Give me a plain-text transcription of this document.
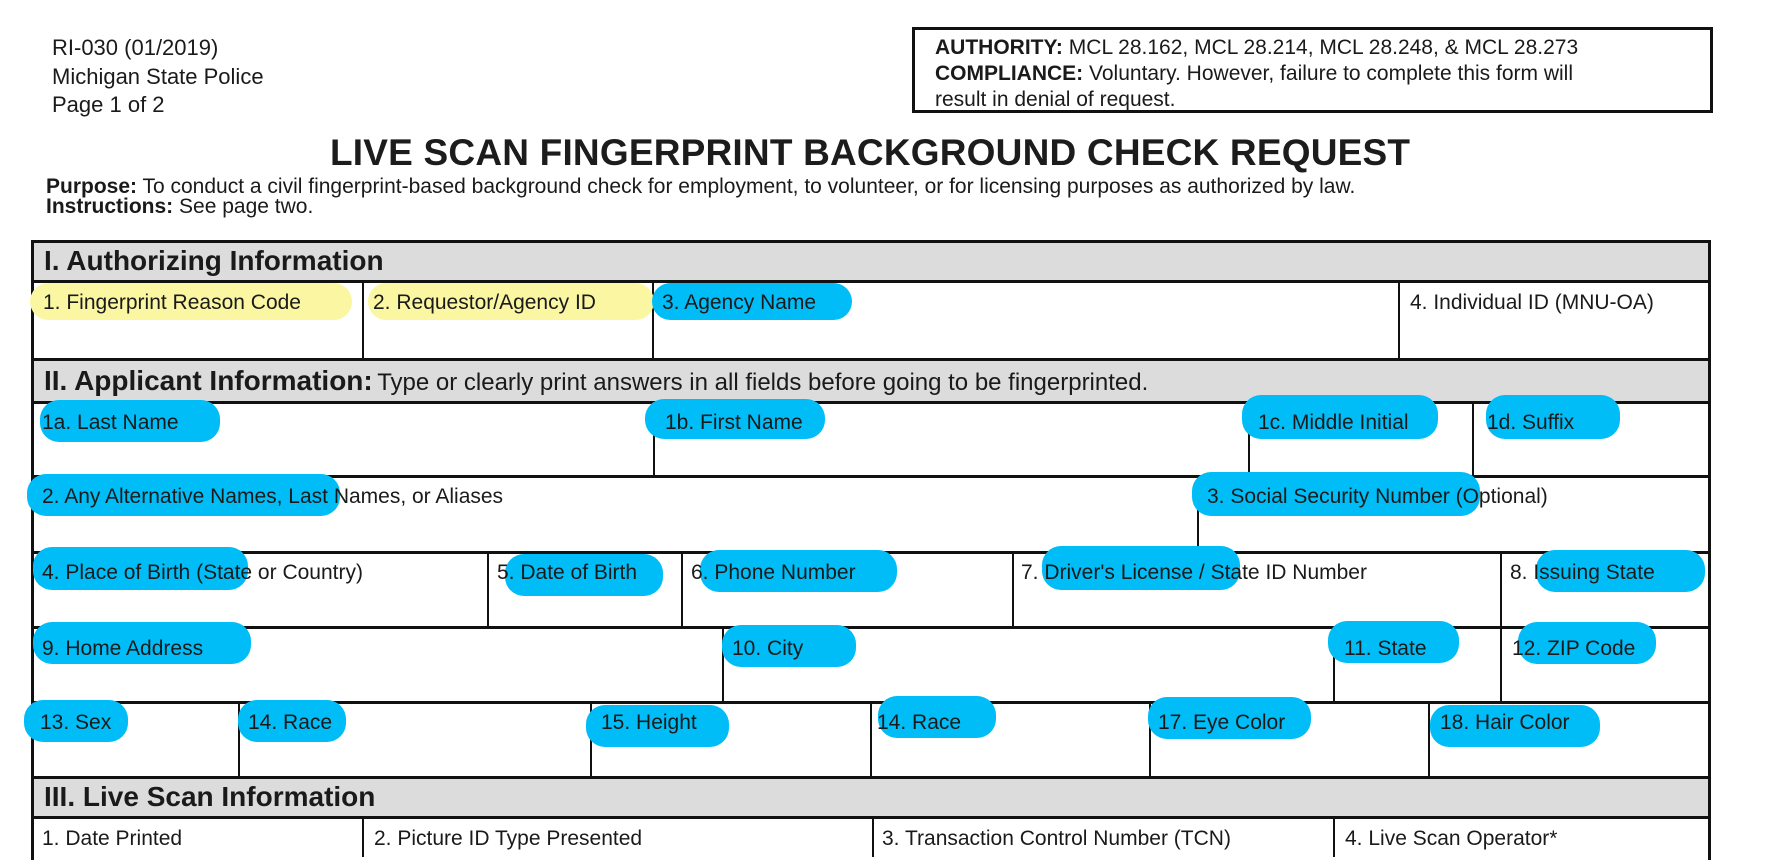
RI-030 (01/2019)
Michigan State Police
Page 1 of 2
AUTHORITY: MCL 28.162, MCL 28.214, MCL 28.248, & MCL 28.273
COMPLIANCE: Voluntary. However, failure to complete this form will
result in denial of request.
LIVE SCAN FINGERPRINT BACKGROUND CHECK REQUEST
Purpose: To conduct a civil fingerprint-based background check for employment, to volunteer, or for licensing purposes as authorized by law.
Instructions: See page two.
I. Authorizing Information
II. Applicant Information: Type or clearly print answers in all fields before going to be fingerprinted.
III. Live Scan Information
1. Fingerprint Reason Code	2. Requestor/Agency ID	3. Agency Name	4. Individual ID (MNU-OA)
1a. Last Name	1b. First Name	1c. Middle Initial	1d. Suffix
2. Any Alternative Names, Last Names, or Aliases	3. Social Security Number (Optional)
4. Place of Birth (State or Country)	5. Date of Birth	6. Phone Number	7. Driver's License / State ID Number	8. Issuing State
9. Home Address	10. City	11. State	12. ZIP Code
13. Sex	14. Race	15. Height	14. Race	17. Eye Color	18. Hair Color
1. Date Printed	2. Picture ID Type Presented	3. Transaction Control Number (TCN)	4. Live Scan Operator*
